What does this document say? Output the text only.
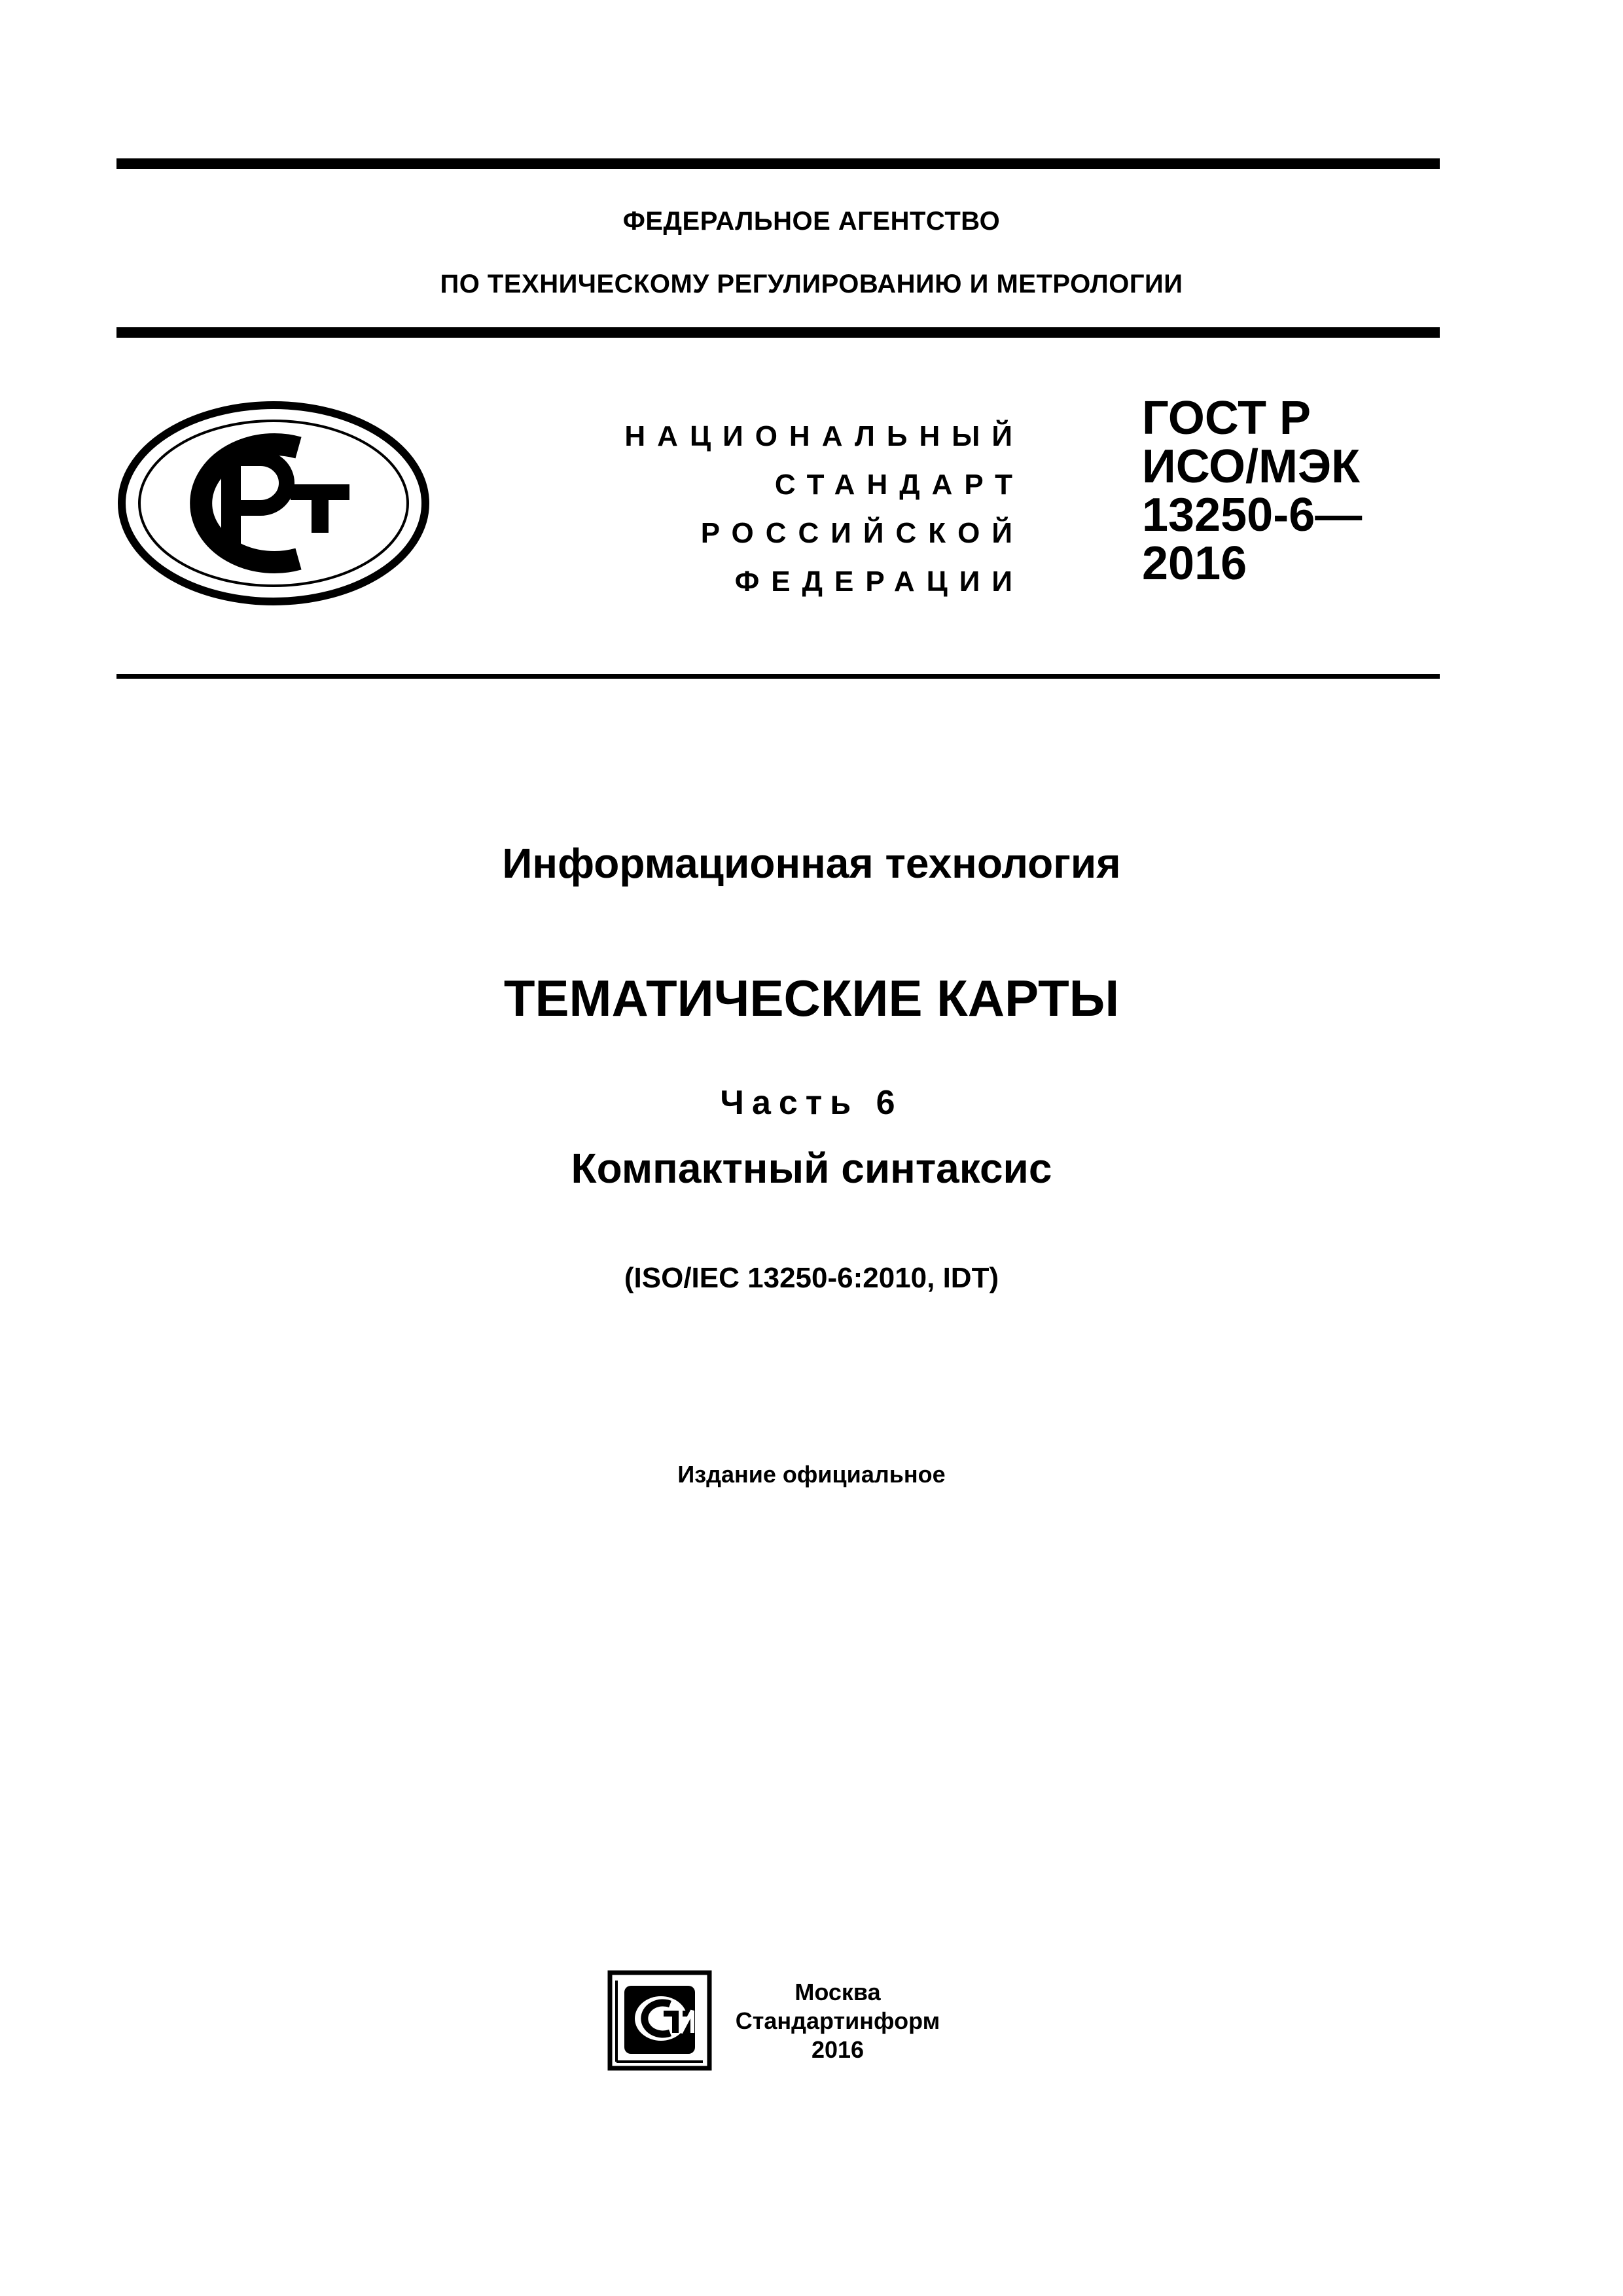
ФЕДЕРАЛЬНОЕ АГЕНТСТВО
ПО ТЕХНИЧЕСКОМУ РЕГУЛИРОВАНИЮ И МЕТРОЛОГИИ
НАЦИОНАЛЬНЫЙ
СТАНДАРТ
РОССИЙСКОЙ
ФЕДЕРАЦИИ
ГОСТ Р
ИСО/МЭК
13250-6—
2016
Информационная технология
ТЕМАТИЧЕСКИЕ КАРТЫ
Часть 6
Компактный синтаксис
(ISO/IEC 13250-6:2010, IDT)
Издание официальное
Москва
Стандартинформ
2016
